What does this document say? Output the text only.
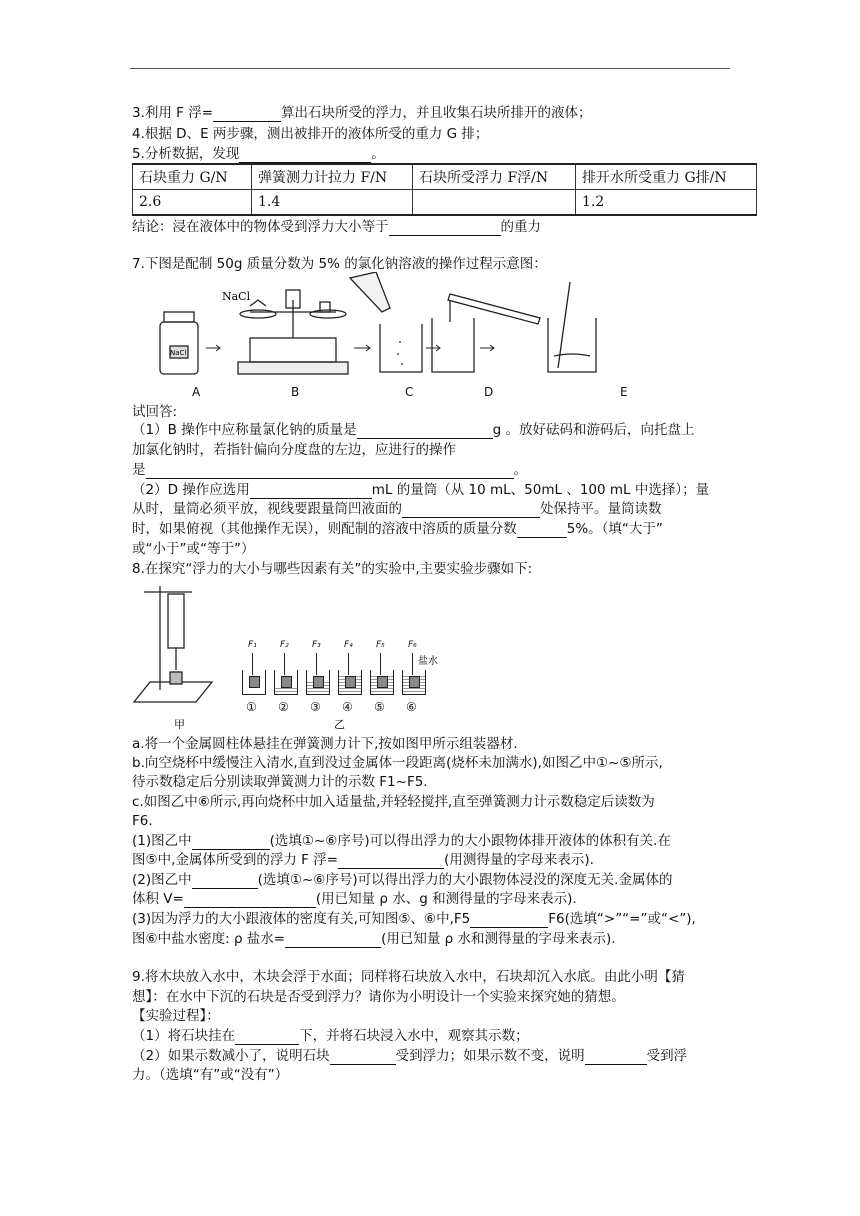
3.利用 F 浮=	算出石块所受的浮力，并且收集石块所排开的液体；
4.根据 D、E 两步骤，测出被排开的液体所受的重力 G 排；
5.分析数据，发现	。
石块重力 G/N	弹簧测力计拉力 F/N	石块所受浮力 F浮/N	排开水所受重力 G排/N
2.6	1.4		1.2
结论：浸在液体中的物体受到浮力大小等于	的重力
7.下图是配制 50g 质量分数为 5% 的氯化钠溶液的操作过程示意图：
NaCl
NaCl
A	B	C	D	E
试回答:
（1）B 操作中应称量氯化钠的质量是	g 。放好砝码和游码后，向托盘上
加氯化钠时，若指针偏向分度盘的左边，应进行的操作
是	。
（2）D 操作应选用	mL 的量筒（从 10 mL、50mL 、100 mL 中选择）；量
从时，量筒必须平放，视线要跟量筒凹液面的	处保持平。量筒读数
时，如果俯视（其他操作无误），则配制的溶液中溶质的质量分数	5%。（填“大于”
或“小于”或“等于”）
8.在探究“浮力的大小与哪些因素有关”的实验中,主要实验步骤如下:
甲	乙
盐水
F₁
①
F₂
②
F₃
③
F₄
④
F₅
⑤
F₆
⑥
a.将一个金属圆柱体悬挂在弹簧测力计下,按如图甲所示组装器材.
b.向空烧杯中缓慢注入清水,直到没过金属体一段距离(烧杯未加满水),如图乙中①~⑤所示,
待示数稳定后分别读取弹簧测力计的示数 F1~F5.
c.如图乙中⑥所示,再向烧杯中加入适量盐,并轻轻搅拌,直至弹簧测力计示数稳定后读数为
F6.
(1)图乙中	(选填①~⑥序号)可以得出浮力的大小跟物体排开液体的体积有关.在
图⑤中,金属体所受到的浮力 F 浮=	(用测得量的字母来表示).
(2)图乙中	(选填①~⑥序号)可以得出浮力的大小跟物体浸没的深度无关.金属体的
体积 V=	(用已知量 ρ 水、g 和测得量的字母来表示).
(3)因为浮力的大小跟液体的密度有关,可知图⑤、⑥中,F5	F6(选填“>”“=”或“<”),
图⑥中盐水密度: ρ 盐水=	(用已知量 ρ 水和测得量的字母来表示).
9.将木块放入水中，木块会浮于水面；同样将石块放入水中，石块却沉入水底。由此小明【猜
想】：在水中下沉的石块是否受到浮力？请你为小明设计一个实验来探究她的猜想。
【实验过程】：
（1）将石块挂在	下，并将石块浸入水中，观察其示数；
（2）如果示数减小了，说明石块	受到浮力；如果示数不变，说明	受到浮
力。（选填“有”或“没有”）
